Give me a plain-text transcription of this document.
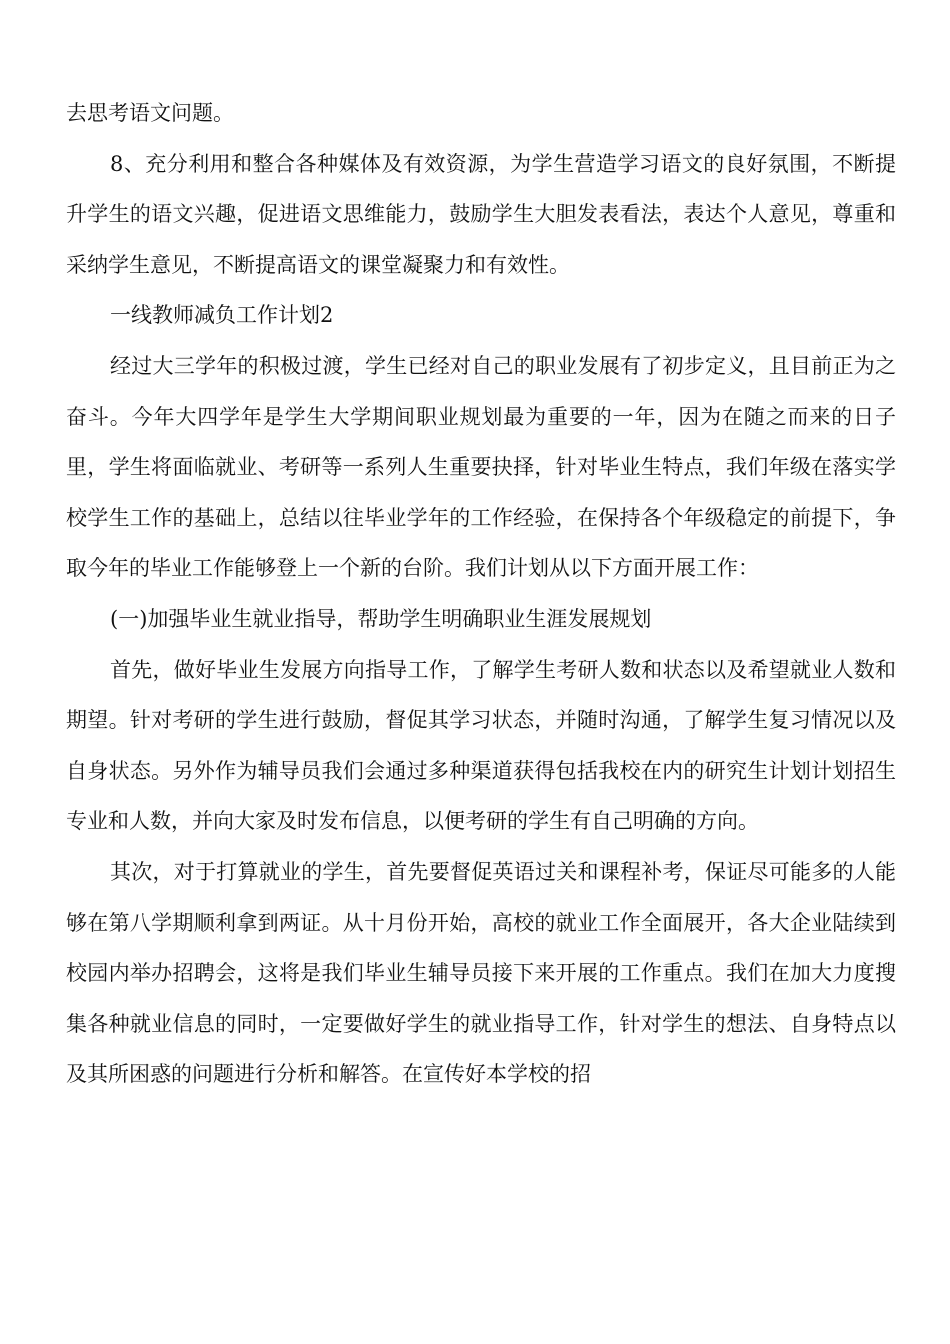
去思考语文问题。

8、充分利用和整合各种媒体及有效资源，为学生营造学习语文的良好氛围，不断提升学生的语文兴趣，促进语文思维能力，鼓励学生大胆发表看法，表达个人意见，尊重和采纳学生意见，不断提高语文的课堂凝聚力和有效性。

一线教师减负工作计划2

经过大三学年的积极过渡，学生已经对自己的职业发展有了初步定义，且目前正为之奋斗。今年大四学年是学生大学期间职业规划最为重要的一年，因为在随之而来的日子里，学生将面临就业、考研等一系列人生重要抉择，针对毕业生特点，我们年级在落实学校学生工作的基础上，总结以往毕业学年的工作经验，在保持各个年级稳定的前提下，争取今年的毕业工作能够登上一个新的台阶。我们计划从以下方面开展工作：

(一)加强毕业生就业指导，帮助学生明确职业生涯发展规划

首先，做好毕业生发展方向指导工作，了解学生考研人数和状态以及希望就业人数和期望。针对考研的学生进行鼓励，督促其学习状态，并随时沟通，了解学生复习情况以及自身状态。另外作为辅导员我们会通过多种渠道获得包括我校在内的研究生计划计划招生专业和人数，并向大家及时发布信息，以便考研的学生有自己明确的方向。

其次，对于打算就业的学生，首先要督促英语过关和课程补考，保证尽可能多的人能够在第八学期顺利拿到两证。从十月份开始，高校的就业工作全面展开，各大企业陆续到校园内举办招聘会，这将是我们毕业生辅导员接下来开展的工作重点。我们在加大力度搜集各种就业信息的同时，一定要做好学生的就业指导工作，针对学生的想法、自身特点以及其所困惑的问题进行分析和解答。在宣传好本学校的招
